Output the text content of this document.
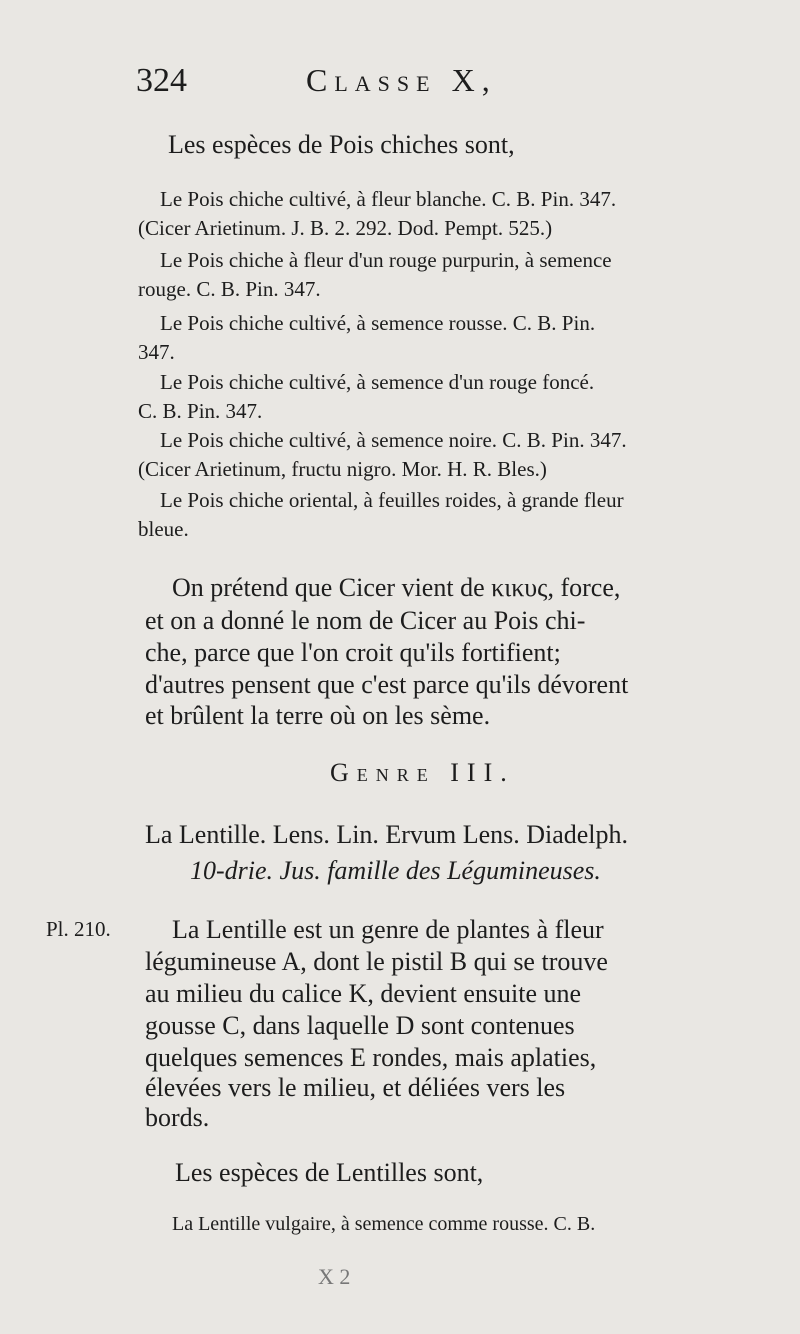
324	Classe X,
Les espèces de Pois chiches sont,
Le Pois chiche cultivé, à fleur blanche. C. B. Pin. 347.
(Cicer Arietinum. J. B. 2. 292. Dod. Pempt. 525.)
Le Pois chiche à fleur d'un rouge purpurin, à semence
rouge. C. B. Pin. 347.
Le Pois chiche cultivé, à semence rousse. C. B. Pin.
347.
Le Pois chiche cultivé, à semence d'un rouge foncé.
C. B. Pin. 347.
Le Pois chiche cultivé, à semence noire. C. B. Pin. 347.
(Cicer Arietinum, fructu nigro. Mor. H. R. Bles.)
Le Pois chiche oriental, à feuilles roides, à grande fleur
bleue.
On prétend que Cicer vient de κικυς, force,
et on a donné le nom de Cicer au Pois chi-
che, parce que l'on croit qu'ils fortifient;
d'autres pensent que c'est parce qu'ils dévorent
et brûlent la terre où on les sème.
Genre III.
La Lentille. Lens. Lin. Ervum Lens. Diadelph.
10-drie. Jus. famille des Légumineuses.
Pl. 210. La Lentille est un genre de plantes à fleur
légumineuse A, dont le pistil B qui se trouve
au milieu du calice K, devient ensuite une
gousse C, dans laquelle D sont contenues
quelques semences E rondes, mais aplaties,
élevées vers le milieu, et déliées vers les
bords.
Les espèces de Lentilles sont,
La Lentille vulgaire, à semence comme rousse. C. B.
X 2
